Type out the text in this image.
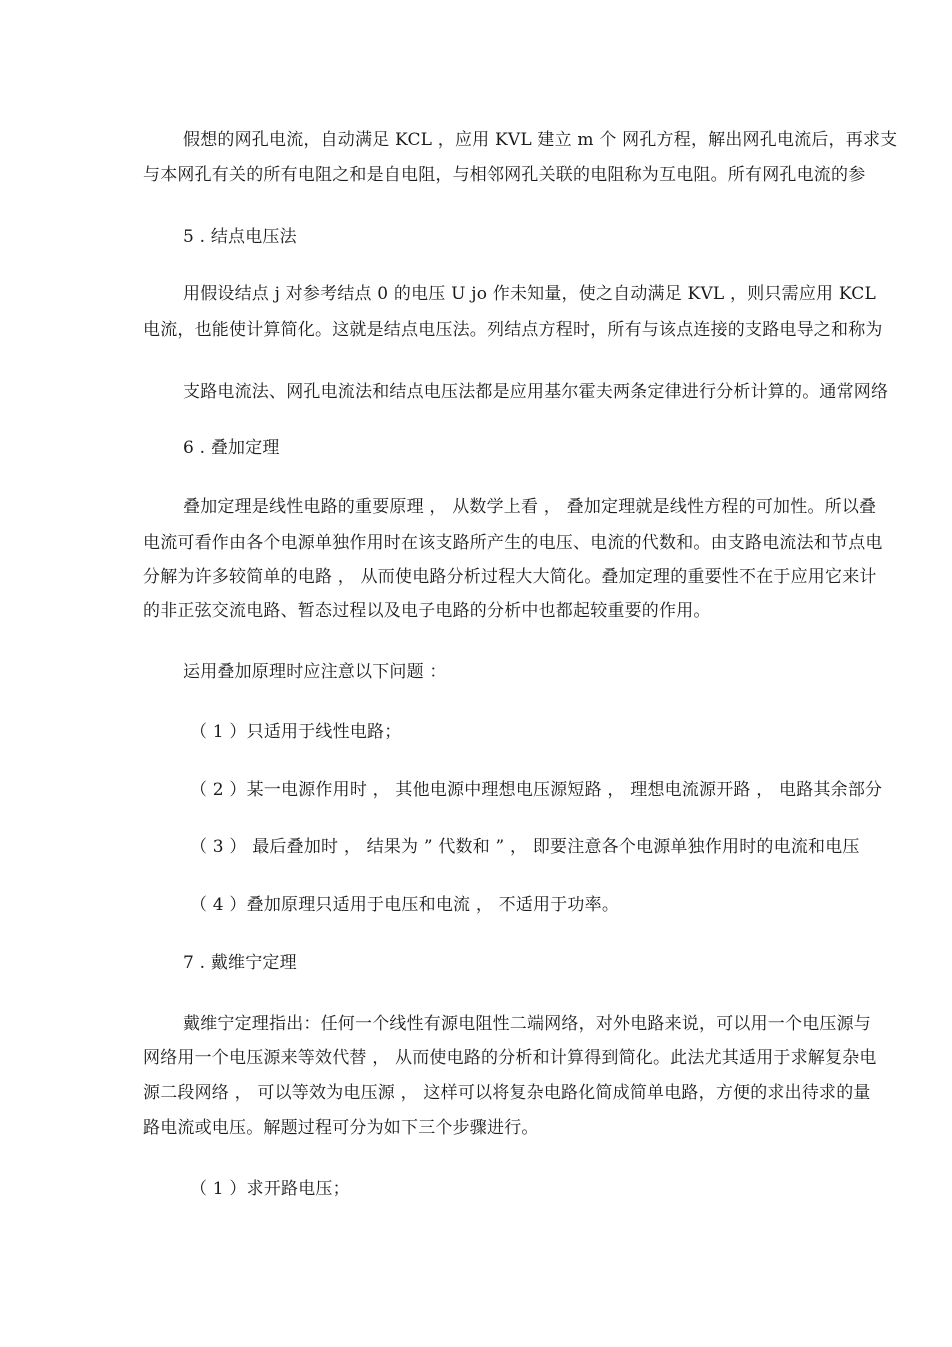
假想的网孔电流，自动满足 KCL ，应用 KVL 建立 m 个 网孔方程，解出网孔电流后，再求支
与本网孔有关的所有电阻之和是自电阻，与相邻网孔关联的电阻称为互电阻。所有网孔电流的参
5 . 结点电压法
用假设结点 j 对参考结点 0 的电压 U jo 作未知量，使之自动满足 KVL ，则只需应用 KCL
电流，也能使计算简化。这就是结点电压法。列结点方程时，所有与该点连接的支路电导之和称为
支路电流法、网孔电流法和结点电压法都是应用基尔霍夫两条定律进行分析计算的。通常网络
6 . 叠加定理
叠加定理是线性电路的重要原理 ， 从数学上看 ， 叠加定理就是线性方程的可加性。所以叠
电流可看作由各个电源单独作用时在该支路所产生的电压、电流的代数和。由支路电流法和节点电
分解为许多较简单的电路 ， 从而使电路分析过程大大简化。叠加定理的重要性不在于应用它来计
的非正弦交流电路、暂态过程以及电子电路的分析中也都起较重要的作用。
运用叠加原理时应注意以下问题 ：
（ 1 ）只适用于线性电路；
（ 2 ）某一电源作用时 ， 其他电源中理想电压源短路 ， 理想电流源开路 ， 电路其余部分
（ 3 ） 最后叠加时 ， 结果为 ” 代数和 ” ， 即要注意各个电源单独作用时的电流和电压
（ 4 ）叠加原理只适用于电压和电流 ， 不适用于功率。
7 . 戴维宁定理
戴维宁定理指出：任何一个线性有源电阻性二端网络，对外电路来说，可以用一个电压源与
网络用一个电压源来等效代替 ， 从而使电路的分析和计算得到简化。此法尤其适用于求解复杂电
源二段网络 ， 可以等效为电压源 ， 这样可以将复杂电路化简成简单电路，方便的求出待求的量
路电流或电压。解题过程可分为如下三个步骤进行。
（ 1 ）求开路电压；
